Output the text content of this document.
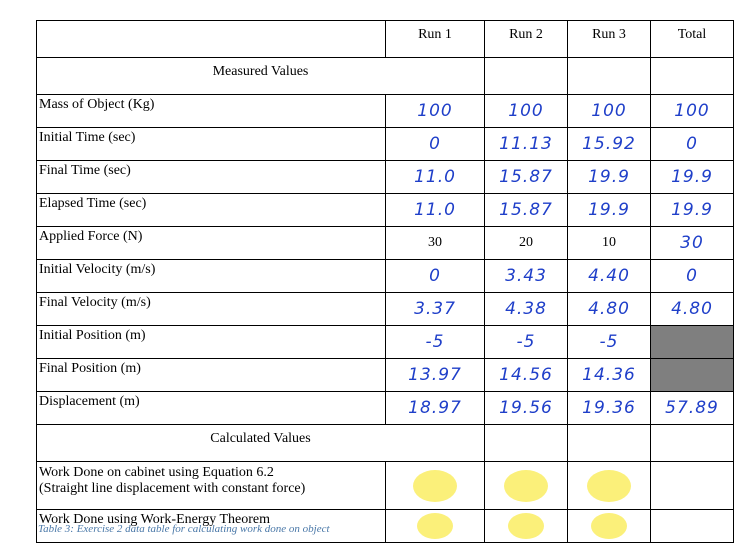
	Run 1	Run 2	Run 3	Total
Measured Values				
Mass of Object (Kg)	100	100	100	100
Initial Time (sec)	0	11.13	15.92	0
Final Time (sec)	11.0	15.87	19.9	19.9
Elapsed Time (sec)	11.0	15.87	19.9	19.9
Applied Force (N)	30	20	10	30
Initial Velocity (m/s)	0	3.43	4.40	0
Final Velocity (m/s)	3.37	4.38	4.80	4.80
Initial Position (m)	-5	-5	-5	
Final Position (m)	13.97	14.56	14.36	
Displacement (m)	18.97	19.56	19.36	57.89
Calculated Values				
Work Done on cabinet using Equation 6.2
(Straight line displacement with constant force)				
Work Done using Work-Energy Theorem				
Table 3: Exercise 2 data table for calculating work done on object
